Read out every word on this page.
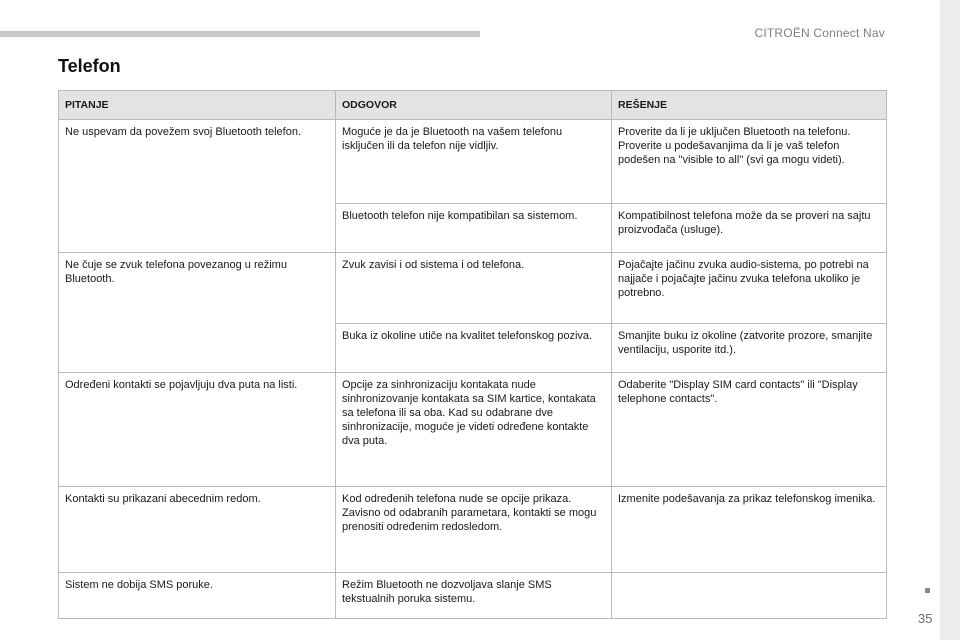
CITROËN Connect Nav
Telefon
PITANJE	ODGOVOR	REŠENJE
Ne uspevam da povežem svoj Bluetooth telefon.	Moguće je da je Bluetooth na vašem telefonu isključen ili da telefon nije vidljiv.	Proverite da li je uključen Bluetooth na telefonu.
Proverite u podešavanjima da li je vaš telefon podešen na "visible to all" (svi ga mogu videti).
	Bluetooth telefon nije kompatibilan sa sistemom.	Kompatibilnost telefona može da se proveri na sajtu proizvođača (usluge).
Ne čuje se zvuk telefona povezanog u režimu Bluetooth.	Zvuk zavisi i od sistema i od telefona.	Pojačajte jačinu zvuka audio-sistema, po potrebi na najjače i pojačajte jačinu zvuka telefona ukoliko je potrebno.
	Buka iz okoline utiče na kvalitet telefonskog poziva.	Smanjite buku iz okoline (zatvorite prozore, smanjite ventilaciju, usporite itd.).
Određeni kontakti se pojavljuju dva puta na listi.	Opcije za sinhronizaciju kontakata nude sinhronizovanje kontakata sa SIM kartice, kontakata sa telefona ili sa oba. Kad su odabrane dve sinhronizacije, moguće je videti određene kontakte dva puta.	Odaberite "Display SIM card contacts" ili "Display telephone contacts".
Kontakti su prikazani abecednim redom.	Kod određenih telefona nude se opcije prikaza. Zavisno od odabranih parametara, kontakti se mogu prenositi određenim redosledom.	Izmenite podešavanja za prikaz telefonskog imenika.
Sistem ne dobija SMS poruke.	Režim Bluetooth ne dozvoljava slanje SMS tekstualnih poruka sistemu.	
35
